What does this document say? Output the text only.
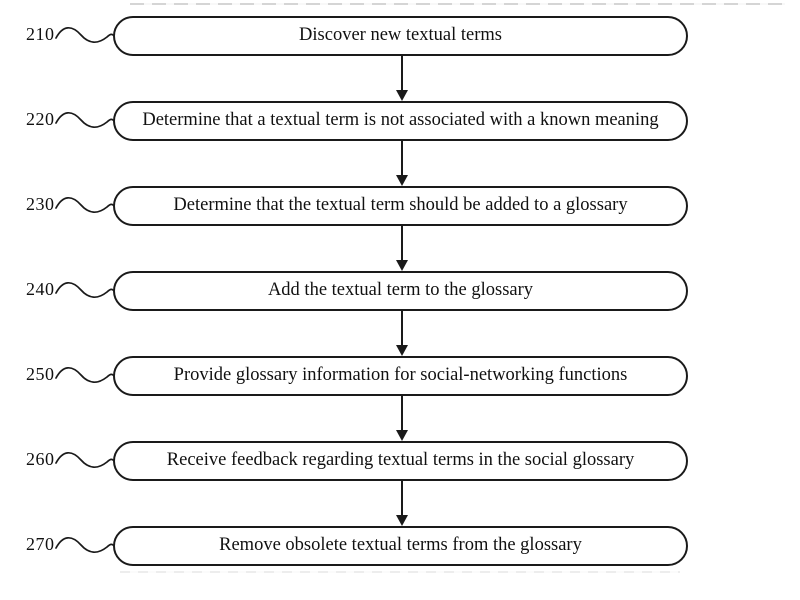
210	Discover new textual terms
220	Determine that a textual term is not associated with a known meaning
230	Determine that the textual term should be added to a glossary
240	Add the textual term to the glossary
250	Provide glossary information for social-networking functions
260	Receive feedback regarding textual terms in the social glossary
270	Remove obsolete textual terms from the glossary
